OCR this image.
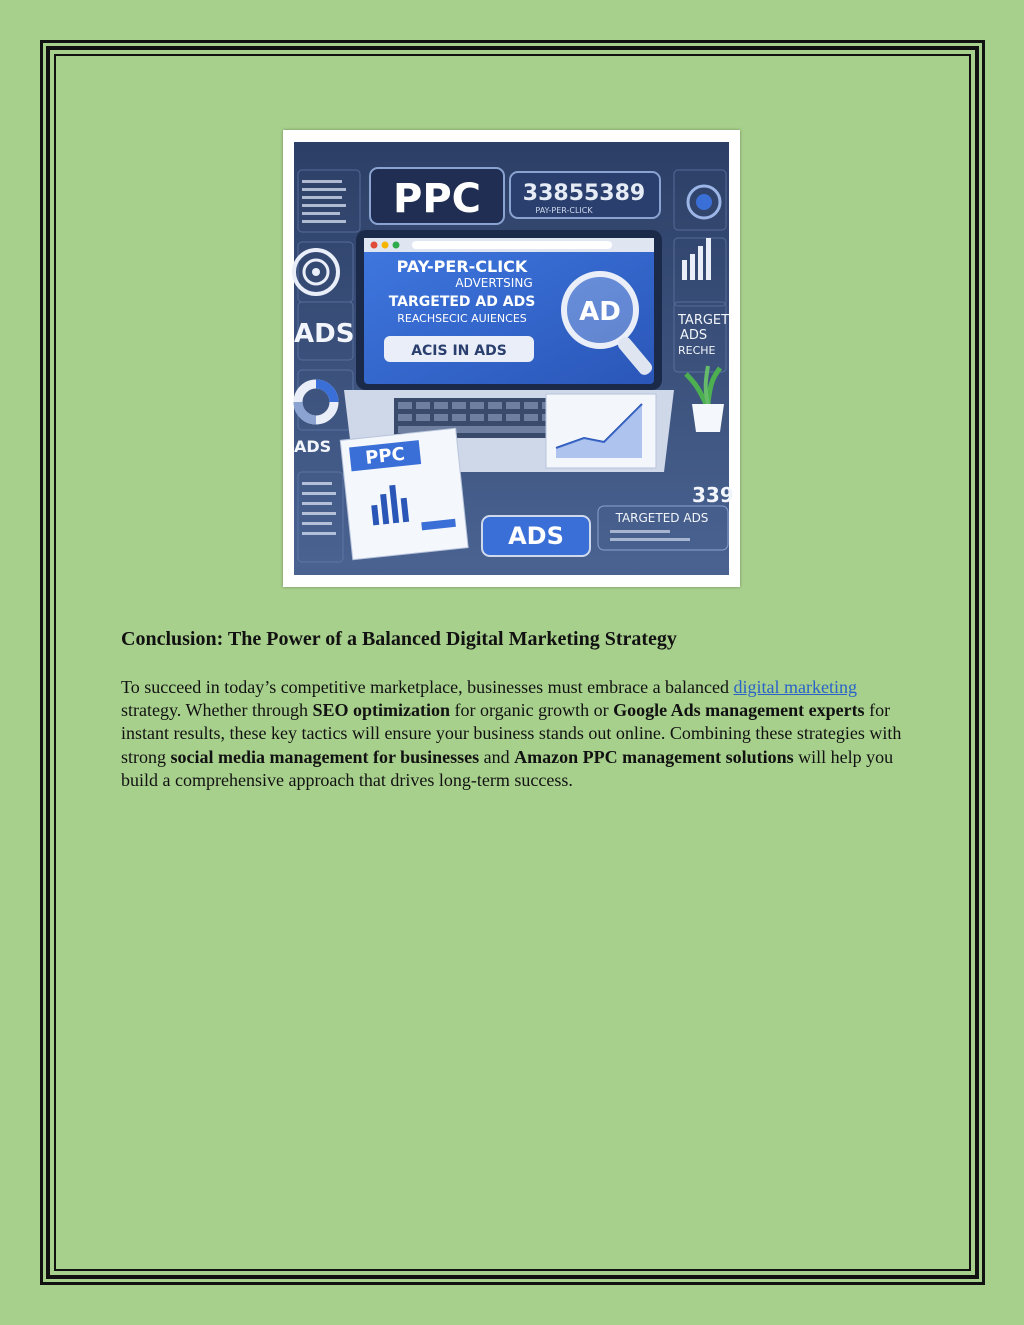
ADS
ADS
PPC 33855389
PAY-PER-CLICK
PAY-PER-CLICK
ADVERTSING
TARGETED AD ADS
REACHSECIC AUIENCES
ACIS IN ADS
AD
PPC
TARGET
ADS
RECHE
339
ADS
TARGETED ADS
Conclusion: The Power of a Balanced Digital Marketing Strategy

To succeed in today’s competitive marketplace, businesses must embrace a balanced digital marketing strategy. Whether through SEO optimization for organic growth or Google Ads management experts for instant results, these key tactics will ensure your business stands out online. Combining these strategies with strong social media management for businesses and Amazon PPC management solutions will help you build a comprehensive approach that drives long-term success.
